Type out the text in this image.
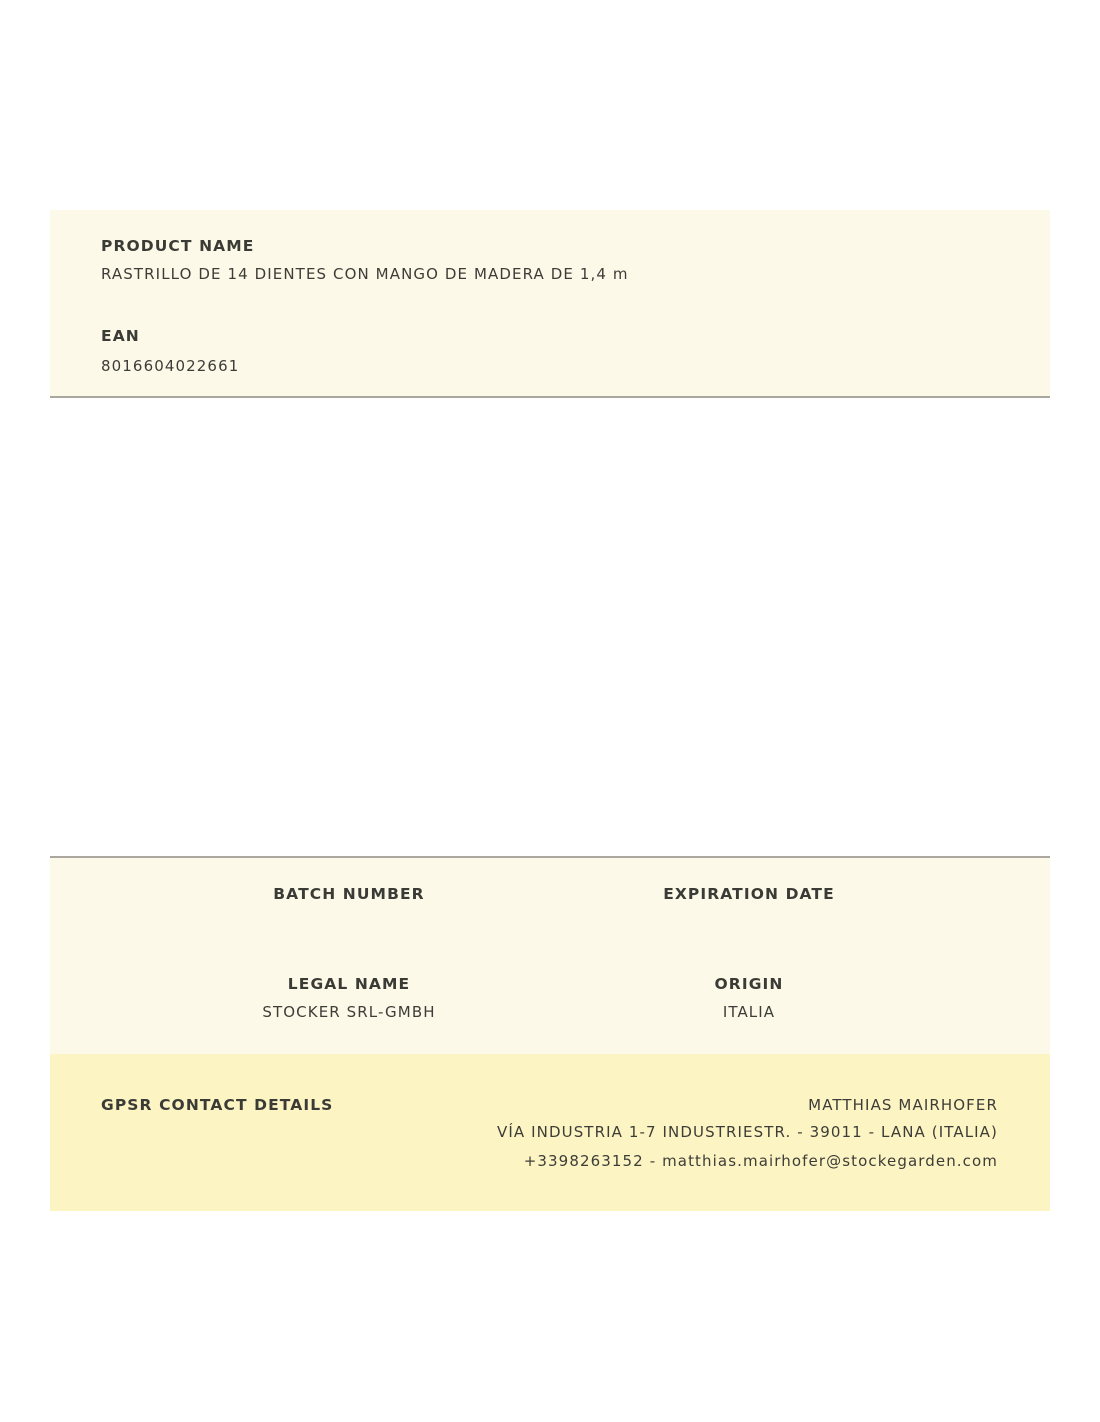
PRODUCT NAME
RASTRILLO DE 14 DIENTES CON MANGO DE MADERA DE 1,4 m
EAN
8016604022661
BATCH NUMBER	EXPIRATION DATE
LEGAL NAME
STOCKER SRL-GMBH
ORIGIN
ITALIA
GPSR CONTACT DETAILS	MATTHIAS MAIRHOFER
VÍA INDUSTRIA 1-7 INDUSTRIESTR. - 39011 - LANA (ITALIA)
+3398263152 - matthias.mairhofer@stockegarden.com
